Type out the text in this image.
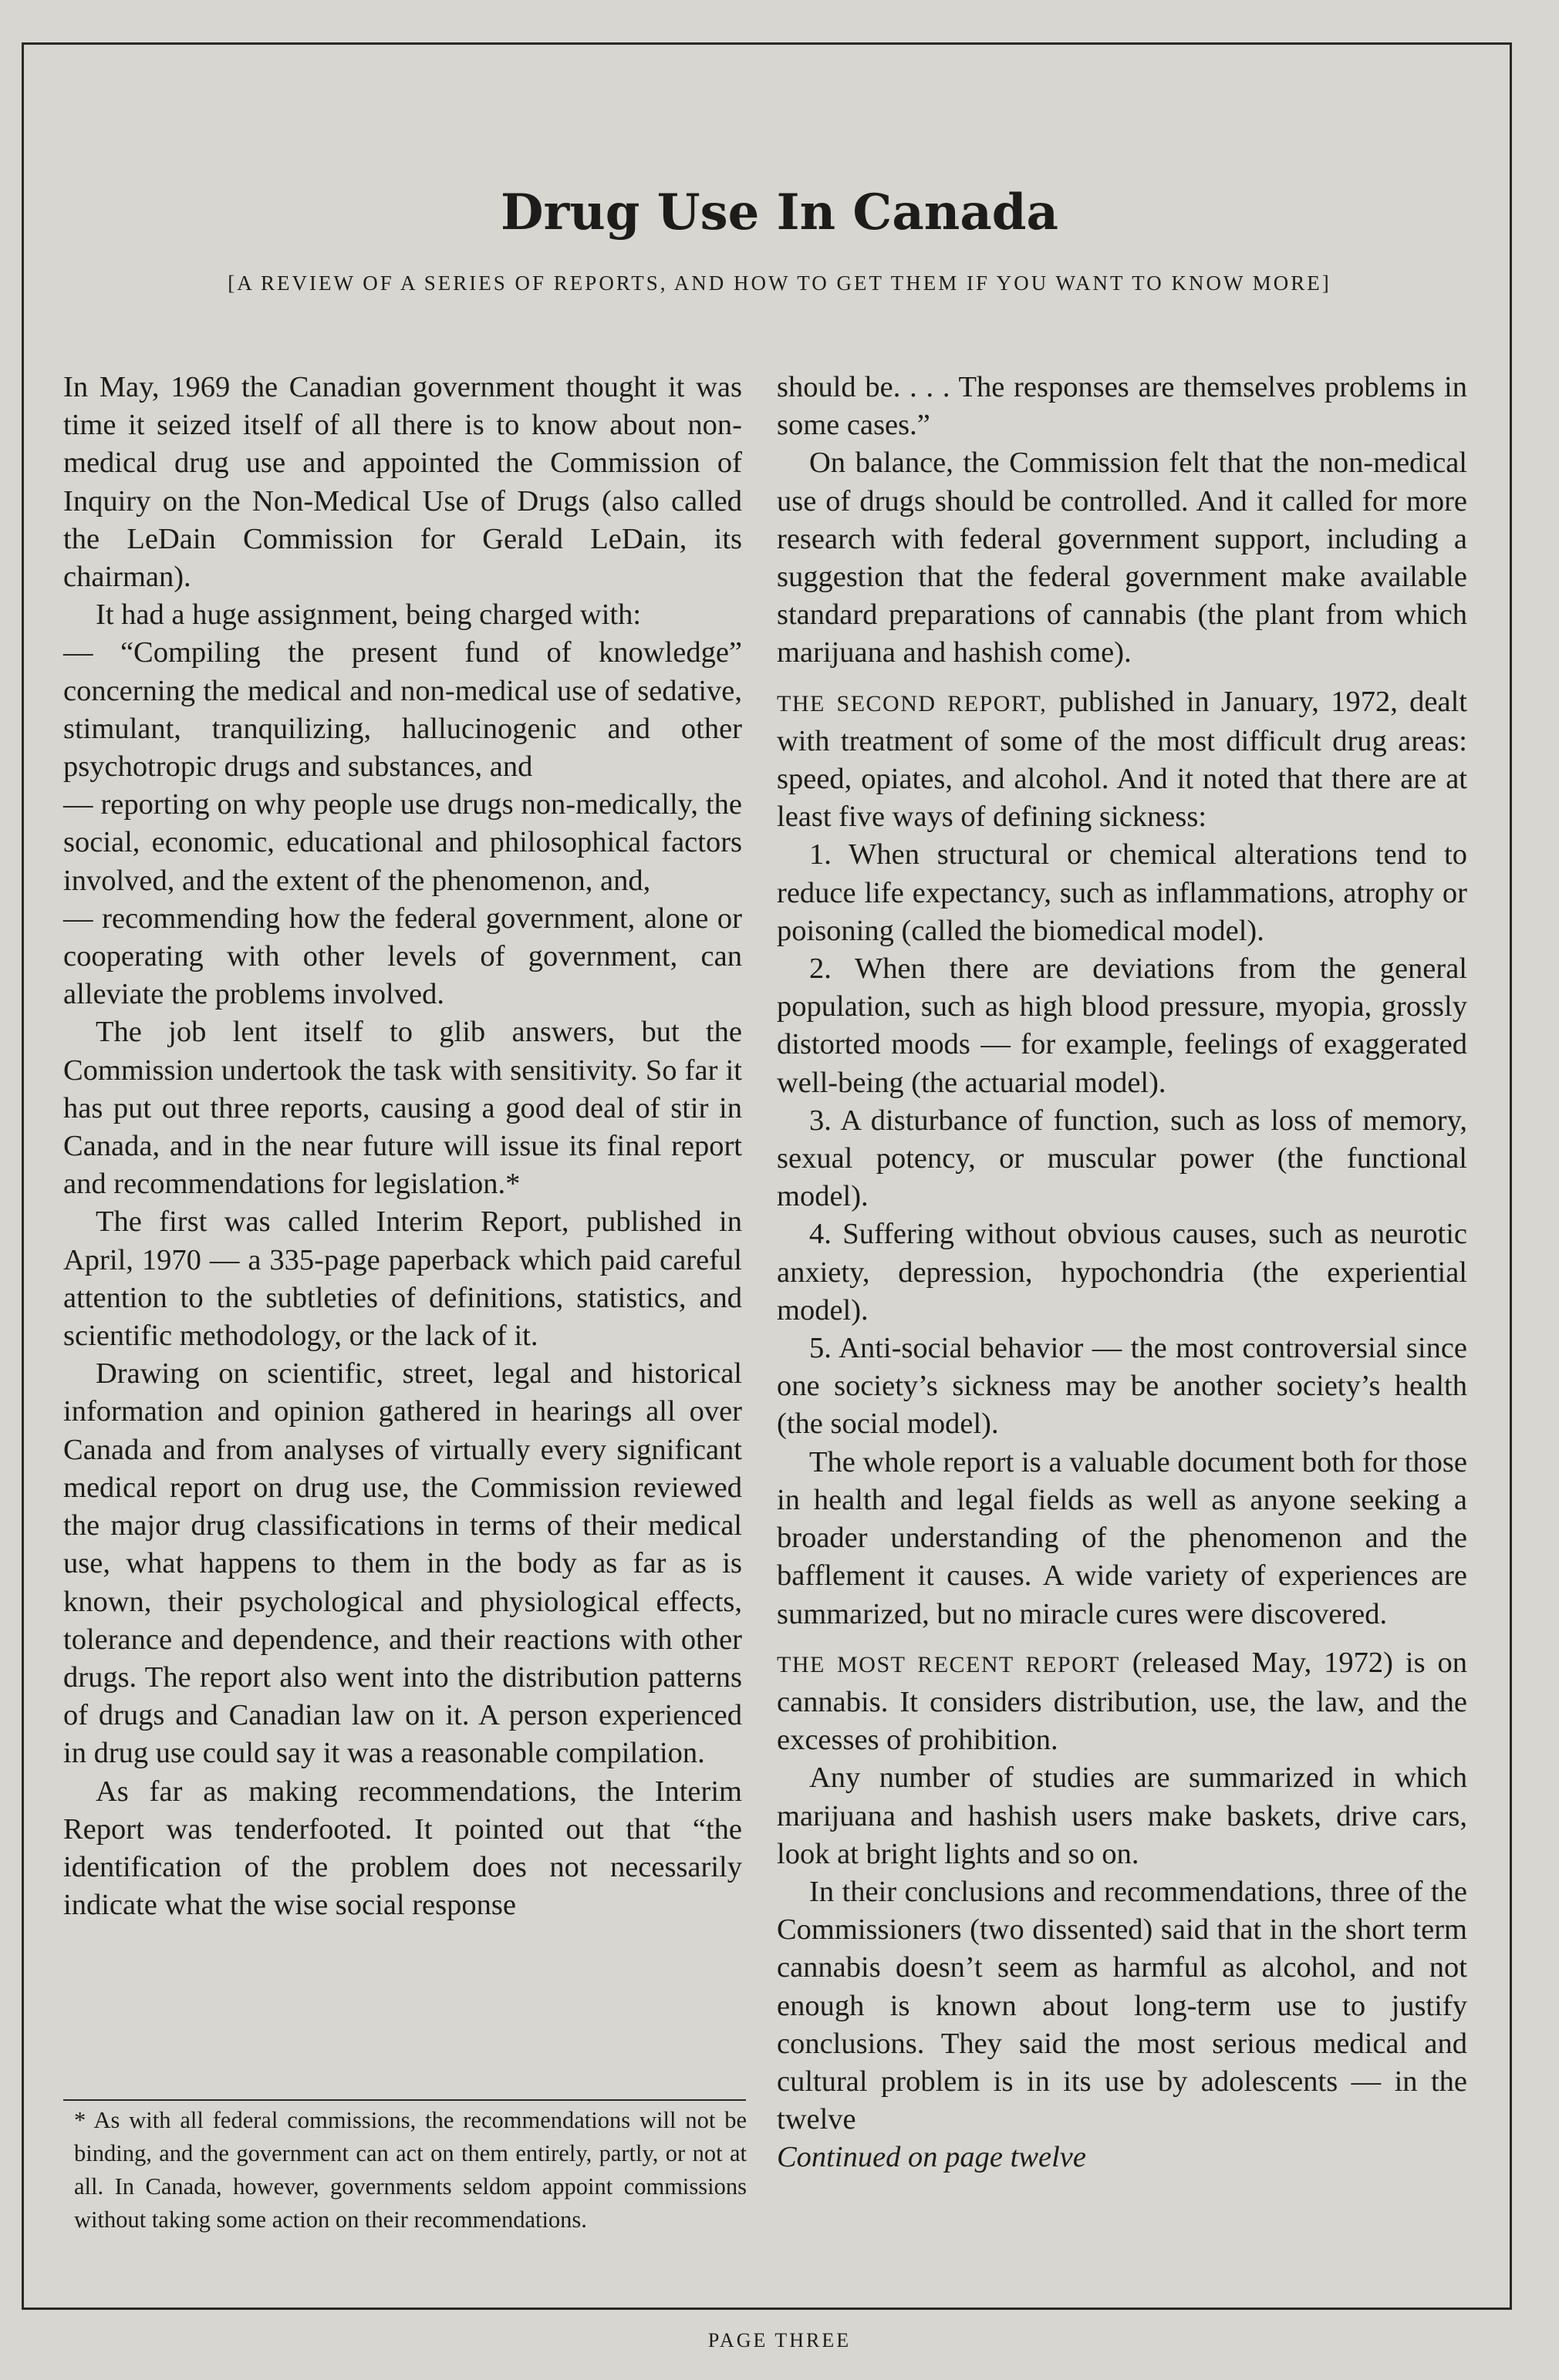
Drug Use In Canada

[A REVIEW OF A SERIES OF REPORTS, AND HOW TO GET THEM IF YOU WANT TO KNOW MORE]

In May, 1969 the Canadian government thought it was time it seized itself of all there is to know about non-medical drug use and appointed the Commission of Inquiry on the Non-Medical Use of Drugs (also called the LeDain Commission for Gerald LeDain, its chairman).

It had a huge assignment, being charged with:

— “Compiling the present fund of knowledge” concerning the medical and non-medical use of sedative, stimulant, tranquilizing, hallucinogenic and other psychotropic drugs and substances, and

— reporting on why people use drugs non-medically, the social, economic, educational and philosophical factors involved, and the extent of the phenomenon, and,

— recommending how the federal government, alone or cooperating with other levels of government, can alleviate the problems involved.

The job lent itself to glib answers, but the Commission undertook the task with sensitivity. So far it has put out three reports, causing a good deal of stir in Canada, and in the near future will issue its final report and recommendations for legislation.*

The first was called Interim Report, published in April, 1970 — a 335-page paperback which paid careful attention to the subtleties of definitions, statistics, and scientific methodology, or the lack of it.

Drawing on scientific, street, legal and historical information and opinion gathered in hearings all over Canada and from analyses of virtually every significant medical report on drug use, the Commission reviewed the major drug classifications in terms of their medical use, what happens to them in the body as far as is known, their psychological and physiological effects, tolerance and dependence, and their reactions with other drugs. The report also went into the distribution patterns of drugs and Canadian law on it. A person experienced in drug use could say it was a reasonable compilation.

As far as making recommendations, the Interim Report was tenderfooted. It pointed out that “the identification of the problem does not necessarily indicate what the wise social response

* As with all federal commissions, the recommendations will not be binding, and the government can act on them entirely, partly, or not at all. In Canada, however, governments seldom appoint commissions without taking some action on their recommendations.

should be. . . . The responses are themselves problems in some cases.”

On balance, the Commission felt that the non-medical use of drugs should be controlled. And it called for more research with federal government support, including a suggestion that the federal government make available standard preparations of cannabis (the plant from which marijuana and hashish come).

THE SECOND REPORT, published in January, 1972, dealt with treatment of some of the most difficult drug areas: speed, opiates, and alcohol. And it noted that there are at least five ways of defining sickness:

1. When structural or chemical alterations tend to reduce life expectancy, such as inflammations, atrophy or poisoning (called the biomedical model).

2. When there are deviations from the general population, such as high blood pressure, myopia, grossly distorted moods — for example, feelings of exaggerated well-being (the actuarial model).

3. A disturbance of function, such as loss of memory, sexual potency, or muscular power (the functional model).

4. Suffering without obvious causes, such as neurotic anxiety, depression, hypochondria (the experiential model).

5. Anti-social behavior — the most controversial since one society’s sickness may be another society’s health (the social model).

The whole report is a valuable document both for those in health and legal fields as well as anyone seeking a broader understanding of the phenomenon and the bafflement it causes. A wide variety of experiences are summarized, but no miracle cures were discovered.

THE MOST RECENT REPORT (released May, 1972) is on cannabis. It considers distribution, use, the law, and the excesses of prohibition.

Any number of studies are summarized in which marijuana and hashish users make baskets, drive cars, look at bright lights and so on.

In their conclusions and recommendations, three of the Commissioners (two dissented) said that in the short term cannabis doesn’t seem as harmful as alcohol, and not enough is known about long-term use to justify conclusions. They said the most serious medical and cultural problem is in its use by adolescents — in the twelve

Continued on page twelve

PAGE THREE
